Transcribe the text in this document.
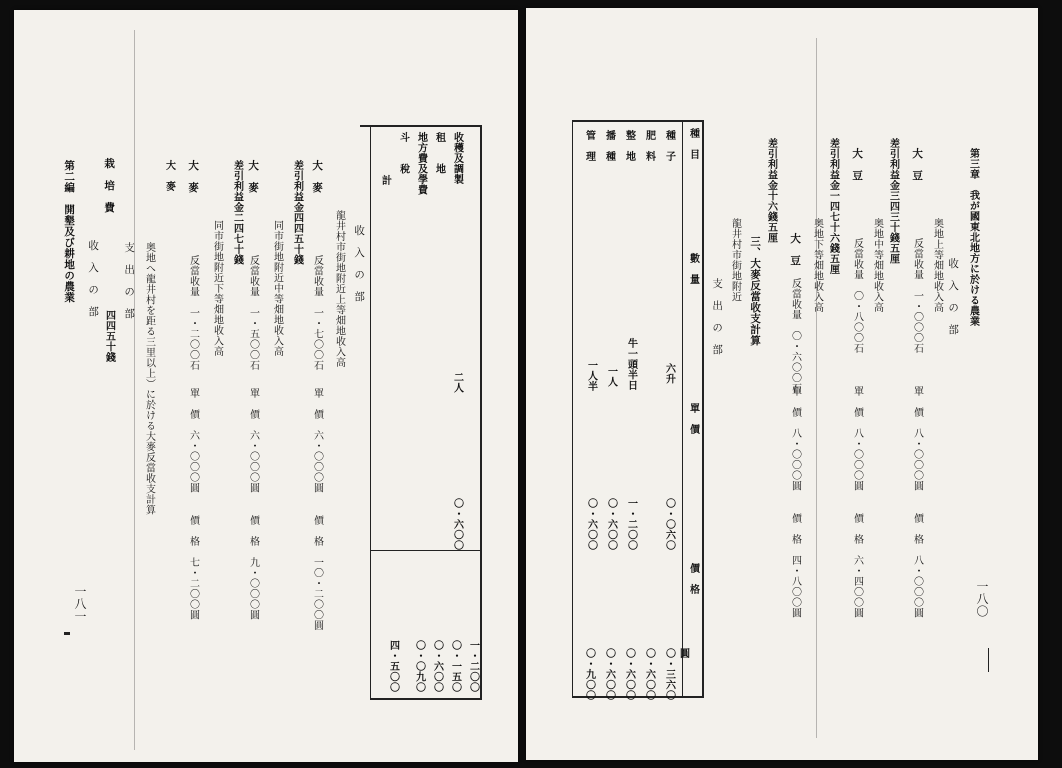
第二編　開墾及び耕地の農業
一八一
栽　培　費
四四五十錢
收　入　の　部 支　出　の　部
大　麥
奥地へ龍井村を距る三里以上）に於ける大麥反當收支計算
大　麥
反當收量　一・二〇〇石
單　價　六・〇〇〇圓
價　格　七・二〇〇圓
同市街地附近下等畑地收入高
差引利益金二四七十錢 大　麥
反當收量　一・五〇〇石
單　價　六・〇〇〇圓
價　格　九・〇〇〇圓
同市街地附近中等畑地收入高
差引利益金四四五十錢 大　麥
反當收量　一・七〇〇石
單　價　六・〇〇〇圓
價　格　一〇・二〇〇圓
龍井村市街地附近上等畑地收入高 收　入　の　部
收穫及調製
租　　地
地方費及學費
斗　　稅
計
二人
〇・六〇〇
一・二〇〇
〇・一五〇
〇・六〇〇
〇・〇九〇
四・五〇〇
種　目
數　量
單　價
價　格
種　子
肥　料
整　地
播　種
管　理
六升
牛一頭半日
一人
一人半
〇・〇六〇
一・二〇〇
〇・六〇〇
〇・六〇〇
圓
〇・三六〇
〇・六〇〇
〇・六〇〇
〇・六〇〇
〇・九〇〇
支　出　の　部
龍井村市街地附近 三、大麥反當收支計算
差引利益金十六錢五厘
大　豆
反當收量　〇・六〇〇石
單　價　八・〇〇〇圓
價　格　四・八〇〇圓
奥地下等畑地收入高 差引利益金一四七十六錢五厘 大　豆
反當收量　〇・八〇〇石
單　價　八・〇〇〇圓
價　格　六・四〇〇圓
奥地中等畑地收入高
差引利益金三四三十錢五厘 大　豆
反當收量　一・〇〇〇石
單　價　八・〇〇〇圓
價　格　八・〇〇〇圓
奥地上等畑地收入高 收　入　の　部 第三章　我が國東北地方に於ける農業
一八〇
